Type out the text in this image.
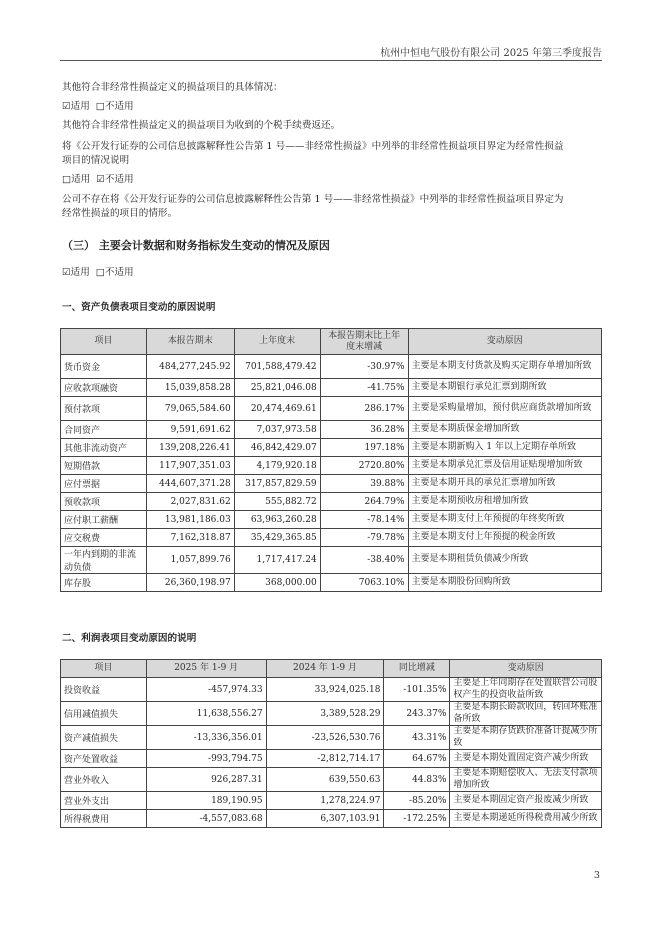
杭州中恒电气股份有限公司 2025 年第三季度报告
其他符合非经常性损益定义的损益项目的具体情况：
☑适用 □不适用
其他符合非经常性损益定义的损益项目为收到的个税手续费返还。
将《公开发行证券的公司信息披露解释性公告第 1 号——非经常性损益》中列举的非经常性损益项目界定为经常性损益
项目的情况说明
□适用 ☑不适用
公司不存在将《公开发行证券的公司信息披露解释性公告第 1 号——非经常性损益》中列举的非经常性损益项目界定为
经常性损益的项目的情形。
（三） 主要会计数据和财务指标发生变动的情况及原因
☑适用 □不适用
一、资产负债表项目变动的原因说明
项目	本报告期末	上年度末	本报告期末比上年度末增减	变动原因
货币资金	484,277,245.92	701,588,479.42	-30.97%	主要是本期支付货款及购买定期存单增加所致
应收款项融资	15,039,858.28	25,821,046.08	-41.75%	主要是本期银行承兑汇票到期所致
预付款项	79,065,584.60	20,474,469.61	286.17%	主要是采购量增加，预付供应商货款增加所致
合同资产	9,591,691.62	7,037,973.58	36.28%	主要是本期质保金增加所致
其他非流动资产	139,208,226.41	46,842,429.07	197.18%	主要是本期新购入 1 年以上定期存单所致
短期借款	117,907,351.03	4,179,920.18	2720.80%	主要是本期承兑汇票及信用证贴现增加所致
应付票据	444,607,371.28	317,857,829.59	39.88%	主要是本期开具的承兑汇票增加所致
预收款项	2,027,831.62	555,882.72	264.79%	主要是本期预收房租增加所致
应付职工薪酬	13,981,186.03	63,963,260.28	-78.14%	主要是本期支付上年预提的年终奖所致
应交税费	7,162,318.87	35,429,365.85	-79.78%	主要是本期支付上年预提的税金所致
一年内到期的非流动负债	1,057,899.76	1,717,417.24	-38.40%	主要是本期租赁负债减少所致
库存股	26,360,198.97	368,000.00	7063.10%	主要是本期股份回购所致
二、利润表项目变动原因的说明
项目	2025 年 1-9 月	2024 年 1-9 月	同比增减	变动原因
投资收益	-457,974.33	33,924,025.18	-101.35%	主要是上年同期存在处置联营公司股权产生的投资收益所致
信用减值损失	11,638,556.27	3,389,528.29	243.37%	主要是本期长龄款收回，转回坏账准备所致
资产减值损失	-13,336,356.01	-23,526,530.76	43.31%	主要是本期存货跌价准备计提减少所致
资产处置收益	-993,794.75	-2,812,714.17	64.67%	主要是本期处置固定资产减少所致
营业外收入	926,287.31	639,550.63	44.83%	主要是本期赔偿收入、无法支付款项增加所致
营业外支出	189,190.95	1,278,224.97	-85.20%	主要是本期固定资产报废减少所致
所得税费用	-4,557,083.68	6,307,103.91	-172.25%	主要是本期递延所得税费用减少所致
3
